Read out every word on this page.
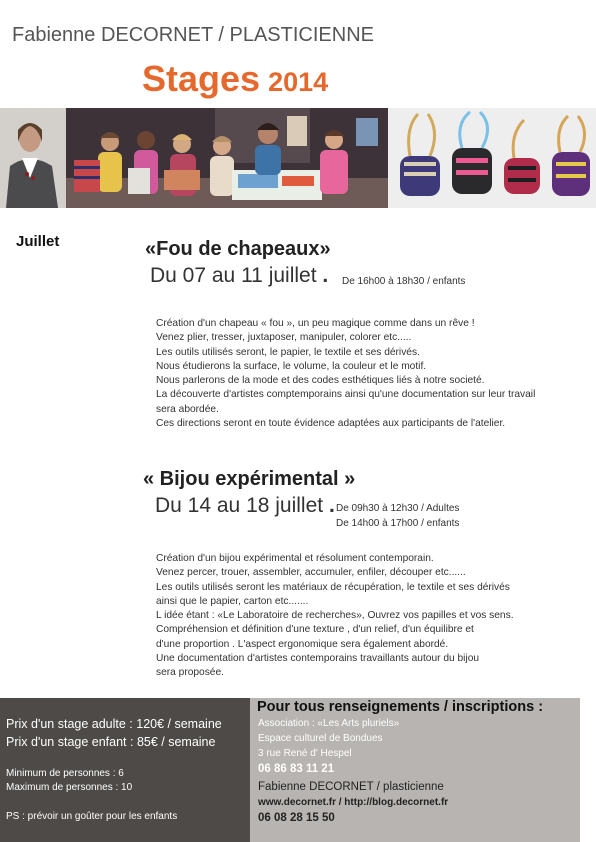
Fabienne DECORNET / PLASTICIENNE
Stages 2014
Juillet	«Fou de chapeaux»
Du 07 au 11 juillet . De 16h00 à 18h30 / enfants
Création d'un chapeau « fou », un peu magique comme dans un rêve !
Venez plier, tresser, juxtaposer, manipuler, colorer etc.....
Les outils utilisés seront, le papier, le textile et ses dérivés.
Nous étudierons la surface, le volume, la couleur et le motif.
Nous parlerons de la mode et des codes esthétiques liés à notre societé.
La découverte d'artistes comptemporains ainsi qu'une documentation sur leur travail
sera abordée.
Ces directions seront en toute évidence adaptées aux participants de l'atelier.
« Bijou expérimental »
Du 14 au 18 juillet . De 09h30 à 12h30 / Adultes
De 14h00 à 17h00 / enfants
Création d'un bijou expérimental et résolument contemporain.
Venez percer, trouer, assembler, accumuler, enfiler, découper etc......
Les outils utilisés seront les matériaux de récupération, le textile et ses dérivés
ainsi que le papier, carton etc.......
L idée étant : «Le Laboratoire de recherches», Ouvrez vos papilles et vos sens.
Compréhension et définition d'une texture , d'un relief, d'un équilibre et
d'une proportion . L'aspect ergonomique sera également abordé.
Une documentation d'artistes contemporains travaillants autour du bijou
sera proposée.
Prix d'un stage adulte : 120€ / semaine
Prix d'un stage enfant : 85€ / semaine
Minimum de personnes : 6
Maximum de personnes : 10
PS : prévoir un goûter pour les enfants
Pour tous renseignements / inscriptions :
Association : «Les Arts pluriels»
Espace culturel de Bondues
3 rue René d' Hespel
06 86 83 11 21
Fabienne DECORNET / plasticienne
www.decornet.fr / http://blog.decornet.fr
06 08 28 15 50
